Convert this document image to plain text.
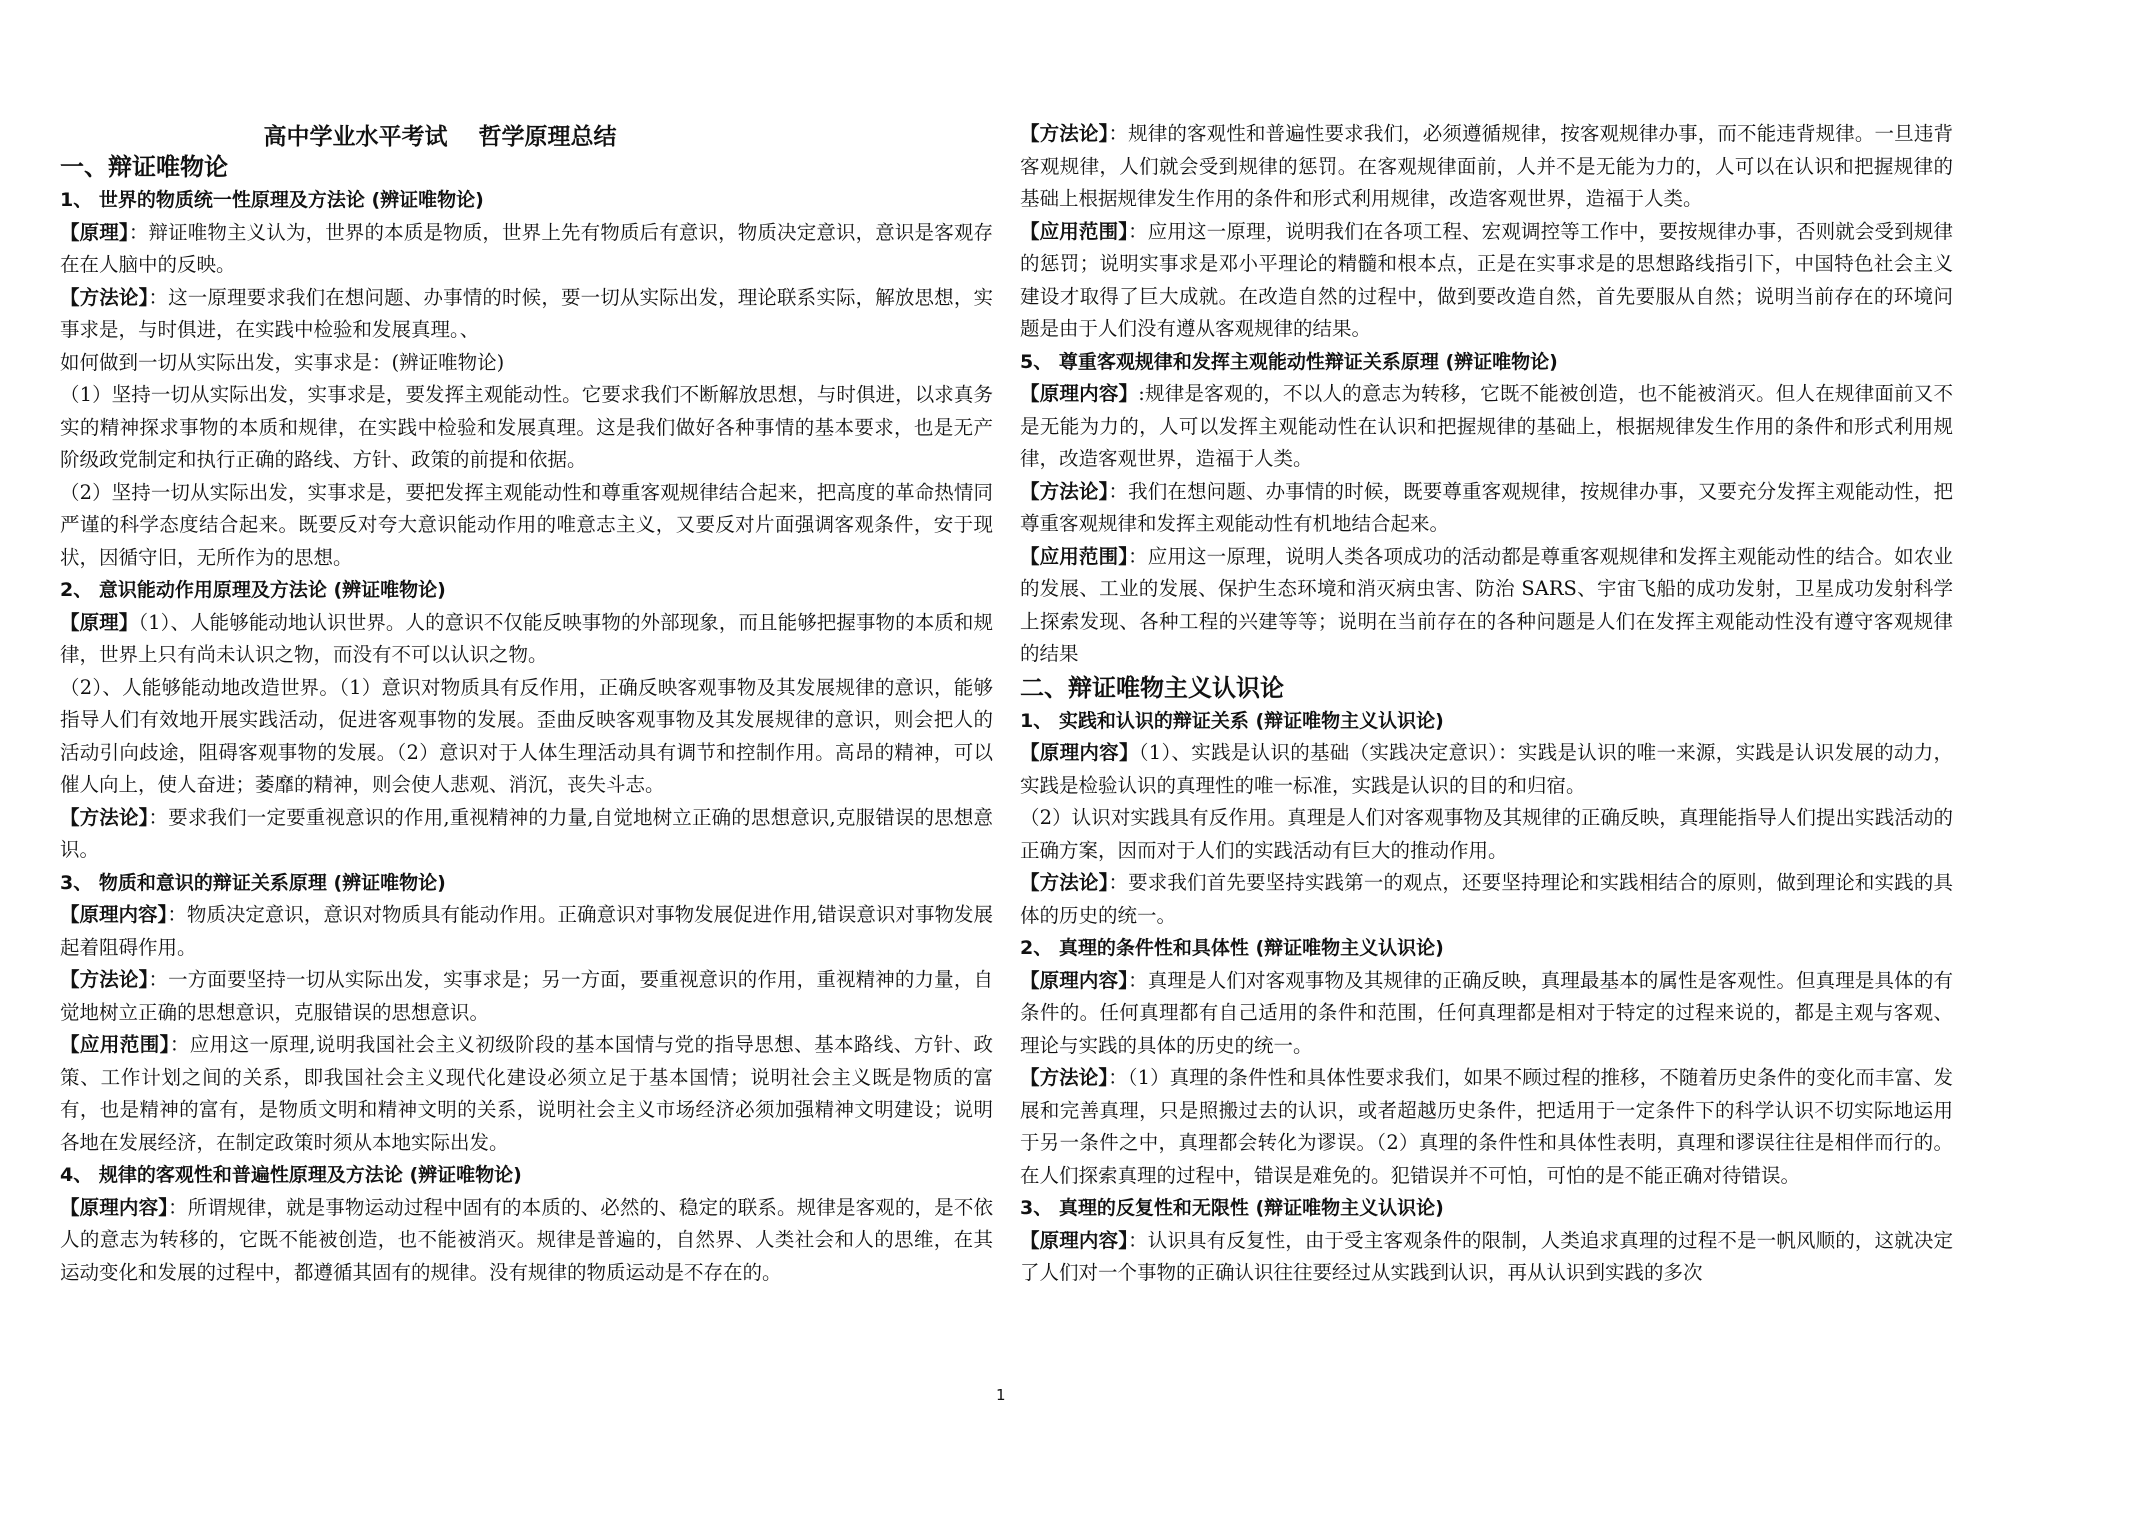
高中学业水平考试　 哲学原理总结
一、辩证唯物论
1、 世界的物质统一性原理及方法论 (辨证唯物论)
【原理】：辩证唯物主义认为，世界的本质是物质，世界上先有物质后有意识，物质决定意识，意识是客观存在在人脑中的反映。
【方法论】：这一原理要求我们在想问题、办事情的时候，要一切从实际出发，理论联系实际，解放思想，实事求是，与时俱进，在实践中检验和发展真理。、
如何做到一切从实际出发，实事求是：(辨证唯物论)
（1）坚持一切从实际出发，实事求是，要发挥主观能动性。它要求我们不断解放思想，与时俱进，以求真务实的精神探求事物的本质和规律，在实践中检验和发展真理。这是我们做好各种事情的基本要求，也是无产阶级政党制定和执行正确的路线、方针、政策的前提和依据。
（2）坚持一切从实际出发，实事求是，要把发挥主观能动性和尊重客观规律结合起来，把高度的革命热情同严谨的科学态度结合起来。既要反对夸大意识能动作用的唯意志主义，又要反对片面强调客观条件，安于现状，因循守旧，无所作为的思想。
2、 意识能动作用原理及方法论 (辨证唯物论)
【原理】（1）、人能够能动地认识世界。人的意识不仅能反映事物的外部现象，而且能够把握事物的本质和规律，世界上只有尚未认识之物，而没有不可以认识之物。
（2）、人能够能动地改造世界。（1）意识对物质具有反作用，正确反映客观事物及其发展规律的意识，能够指导人们有效地开展实践活动，促进客观事物的发展。歪曲反映客观事物及其发展规律的意识，则会把人的活动引向歧途，阻碍客观事物的发展。（2）意识对于人体生理活动具有调节和控制作用。高昂的精神，可以催人向上，使人奋进；萎靡的精神，则会使人悲观、消沉，丧失斗志。
【方法论】：要求我们一定要重视意识的作用,重视精神的力量,自觉地树立正确的思想意识,克服错误的思想意识。
3、 物质和意识的辩证关系原理 (辨证唯物论)
【原理内容】：物质决定意识，意识对物质具有能动作用。正确意识对事物发展促进作用,错误意识对事物发展起着阻碍作用。
【方法论】：一方面要坚持一切从实际出发，实事求是；另一方面，要重视意识的作用，重视精神的力量，自觉地树立正确的思想意识，克服错误的思想意识。
【应用范围】：应用这一原理,说明我国社会主义初级阶段的基本国情与党的指导思想、基本路线、方针、政策、工作计划之间的关系，即我国社会主义现代化建设必须立足于基本国情；说明社会主义既是物质的富有，也是精神的富有，是物质文明和精神文明的关系，说明社会主义市场经济必须加强精神文明建设；说明各地在发展经济，在制定政策时须从本地实际出发。
4、 规律的客观性和普遍性原理及方法论 (辨证唯物论)
【原理内容】：所谓规律，就是事物运动过程中固有的本质的、必然的、稳定的联系。规律是客观的，是不依人的意志为转移的，它既不能被创造，也不能被消灭。规律是普遍的，自然界、人类社会和人的思维，在其运动变化和发展的过程中，都遵循其固有的规律。没有规律的物质运动是不存在的。
【方法论】：规律的客观性和普遍性要求我们，必须遵循规律，按客观规律办事，而不能违背规律。一旦违背客观规律，人们就会受到规律的惩罚。在客观规律面前，人并不是无能为力的，人可以在认识和把握规律的基础上根据规律发生作用的条件和形式利用规律，改造客观世界，造福于人类。
【应用范围】：应用这一原理，说明我们在各项工程、宏观调控等工作中，要按规律办事，否则就会受到规律的惩罚；说明实事求是邓小平理论的精髓和根本点，正是在实事求是的思想路线指引下，中国特色社会主义建设才取得了巨大成就。在改造自然的过程中，做到要改造自然，首先要服从自然；说明当前存在的环境问题是由于人们没有遵从客观规律的结果。
5、 尊重客观规律和发挥主观能动性辩证关系原理 (辨证唯物论)
【原理内容】:规律是客观的，不以人的意志为转移，它既不能被创造，也不能被消灭。但人在规律面前又不是无能为力的，人可以发挥主观能动性在认识和把握规律的基础上，根据规律发生作用的条件和形式利用规律，改造客观世界，造福于人类。
【方法论】：我们在想问题、办事情的时候，既要尊重客观规律，按规律办事，又要充分发挥主观能动性，把尊重客观规律和发挥主观能动性有机地结合起来。
【应用范围】：应用这一原理，说明人类各项成功的活动都是尊重客观规律和发挥主观能动性的结合。如农业的发展、工业的发展、保护生态环境和消灭病虫害、防治 SARS、宇宙飞船的成功发射，卫星成功发射科学上探索发现、各种工程的兴建等等；说明在当前存在的各种问题是人们在发挥主观能动性没有遵守客观规律的结果
二、辩证唯物主义认识论
1、 实践和认识的辩证关系 (辩证唯物主义认识论)
【原理内容】（1）、实践是认识的基础（实践决定意识）：实践是认识的唯一来源，实践是认识发展的动力，实践是检验认识的真理性的唯一标准，实践是认识的目的和归宿。
（2）认识对实践具有反作用。真理是人们对客观事物及其规律的正确反映，真理能指导人们提出实践活动的正确方案，因而对于人们的实践活动有巨大的推动作用。
【方法论】：要求我们首先要坚持实践第一的观点，还要坚持理论和实践相结合的原则，做到理论和实践的具体的历史的统一。
2、 真理的条件性和具体性 (辩证唯物主义认识论)
【原理内容】：真理是人们对客观事物及其规律的正确反映，真理最基本的属性是客观性。但真理是具体的有条件的。任何真理都有自己适用的条件和范围，任何真理都是相对于特定的过程来说的，都是主观与客观、理论与实践的具体的历史的统一。
【方法论】：（1）真理的条件性和具体性要求我们，如果不顾过程的推移，不随着历史条件的变化而丰富、发展和完善真理，只是照搬过去的认识，或者超越历史条件，把适用于一定条件下的科学认识不切实际地运用于另一条件之中，真理都会转化为谬误。（2）真理的条件性和具体性表明，真理和谬误往往是相伴而行的。在人们探索真理的过程中，错误是难免的。犯错误并不可怕，可怕的是不能正确对待错误。
3、 真理的反复性和无限性 (辩证唯物主义认识论)
【原理内容】：认识具有反复性，由于受主客观条件的限制，人类追求真理的过程不是一帆风顺的，这就决定了人们对一个事物的正确认识往往要经过从实践到认识，再从认识到实践的多次
1
